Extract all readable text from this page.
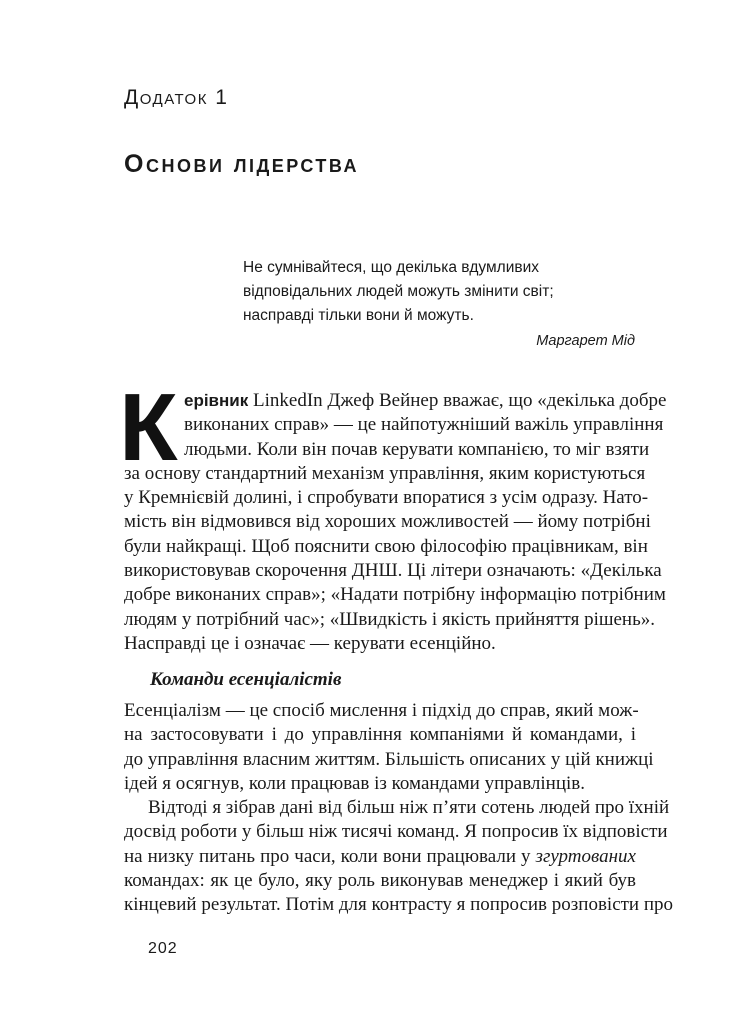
Додаток 1
Основи лідерства
Не сумнівайтеся, що декілька вдумливих
відповідальних людей можуть змінити світ;
насправді тільки вони й можуть.
Маргарет Мід
К ерівник LinkedIn Джеф Вейнер вважає, що «декілька добре
виконаних справ» — це найпотужніший важіль управління
людьми. Коли він почав керувати компанією, то міг взяти
за основу стандартний механізм управління, яким користуються
у Кремнієвій долині, і спробувати впоратися з усім одразу. Нато-
мість він відмовився від хороших можливостей — йому потрібні
були найкращі. Щоб пояснити свою філософію працівникам, він
використовував скорочення ДНШ. Ці літери означають: «Декілька
добре виконаних справ»; «Надати потрібну інформацію потрібним
людям у потрібний час»; «Швидкість і якість прийняття рішень».
Насправді це і означає — керувати есенційно.
Команди есенціалістів
Есенціалізм — це спосіб мислення і підхід до справ, який мож-
на застосовувати і до управління компаніями й командами, і
до управління власним життям. Більшість описаних у цій книжці
ідей я осягнув, коли працював із командами управлінців.
Відтоді я зібрав дані від більш ніж п’яти сотень людей про їхній
досвід роботи у більш ніж тисячі команд. Я попросив їх відповісти
на низку питань про часи, коли вони працювали у згуртованих
командах: як це було, яку роль виконував менеджер і який був
кінцевий результат. Потім для контрасту я попросив розповісти про
202
